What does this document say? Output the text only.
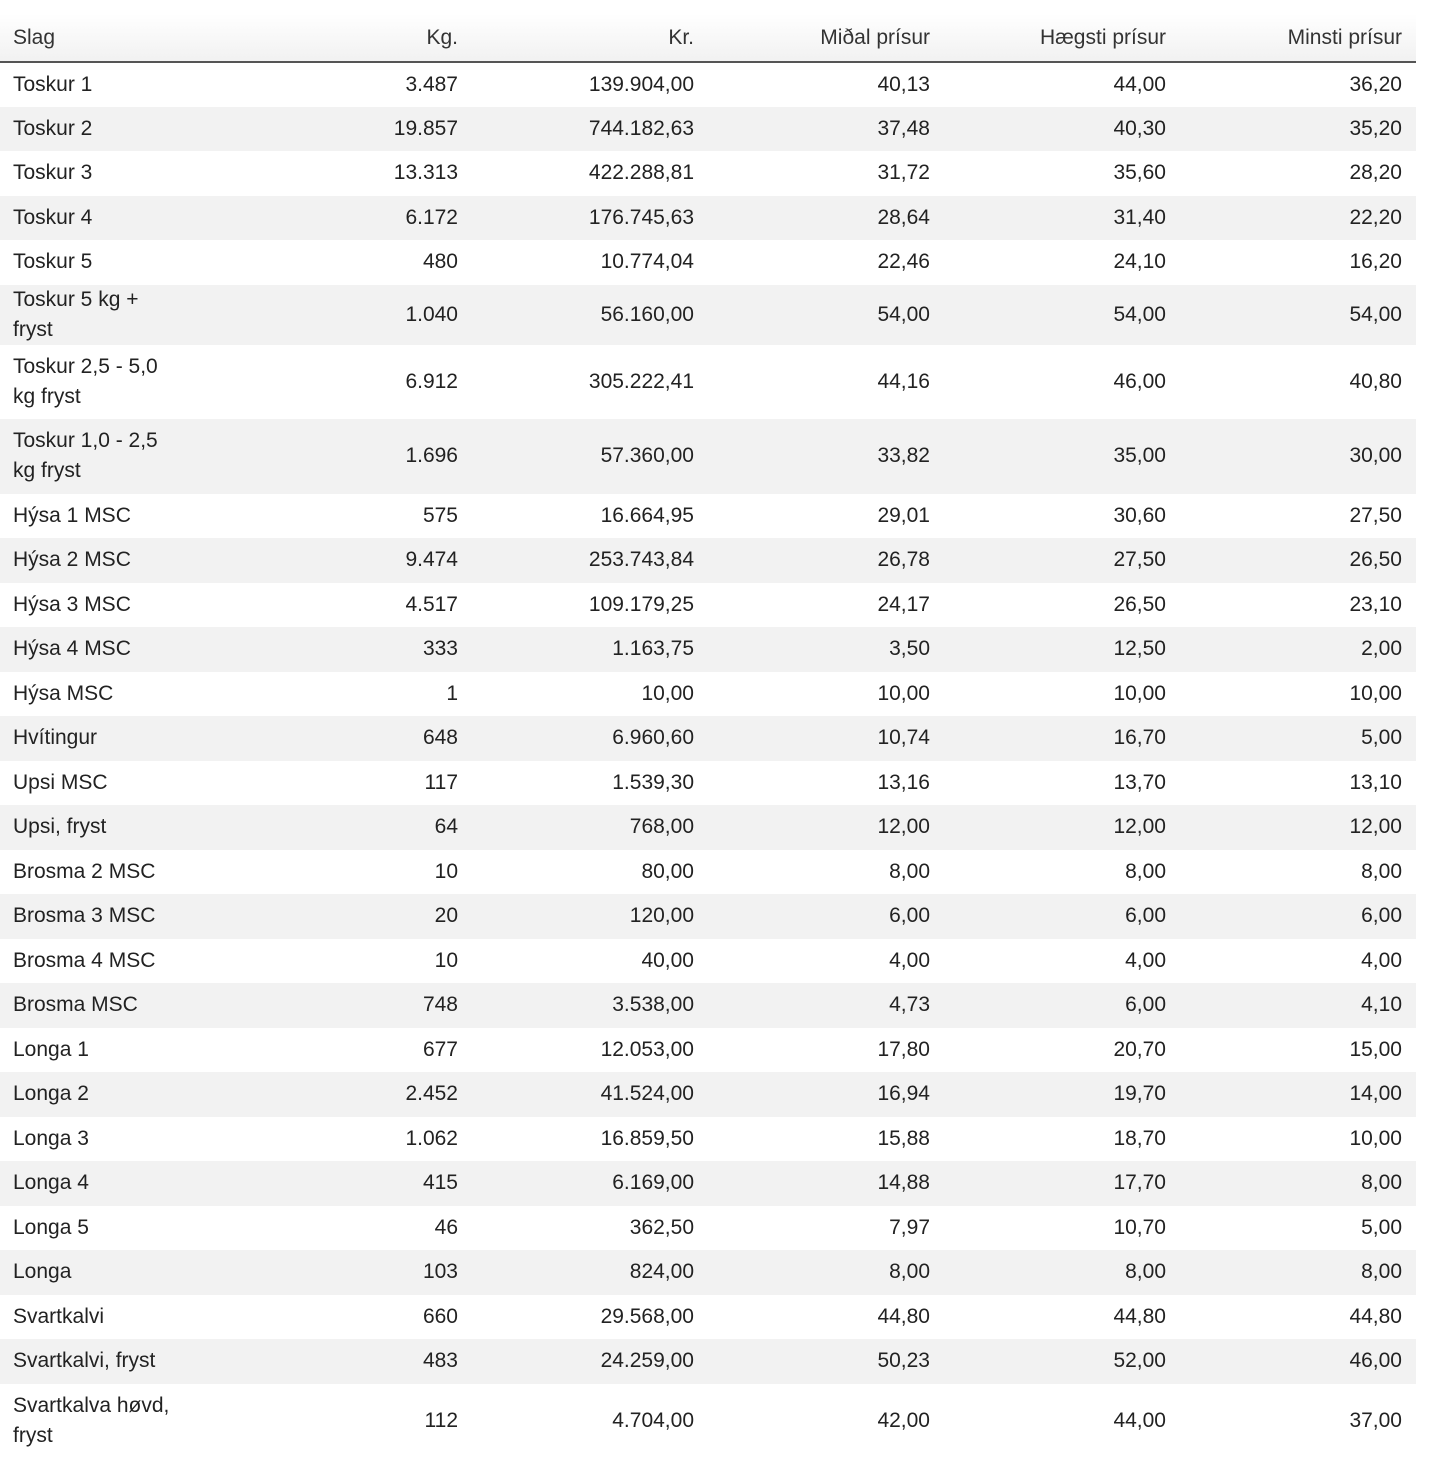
Slag	Kg.	Kr.	Miðal prísur	Hægsti prísur	Minsti prísur
Toskur 1	3.487	139.904,00	40,13	44,00	36,20
Toskur 2	19.857	744.182,63	37,48	40,30	35,20
Toskur 3	13.313	422.288,81	31,72	35,60	28,20
Toskur 4	6.172	176.745,63	28,64	31,40	22,20
Toskur 5	480	10.774,04	22,46	24,10	16,20
Toskur 5 kg + fryst	1.040	56.160,00	54,00	54,00	54,00
Toskur 2,5 - 5,0 kg fryst	6.912	305.222,41	44,16	46,00	40,80
Toskur 1,0 - 2,5 kg fryst	1.696	57.360,00	33,82	35,00	30,00
Hýsa 1 MSC	575	16.664,95	29,01	30,60	27,50
Hýsa 2 MSC	9.474	253.743,84	26,78	27,50	26,50
Hýsa 3 MSC	4.517	109.179,25	24,17	26,50	23,10
Hýsa 4 MSC	333	1.163,75	3,50	12,50	2,00
Hýsa MSC	1	10,00	10,00	10,00	10,00
Hvítingur	648	6.960,60	10,74	16,70	5,00
Upsi MSC	117	1.539,30	13,16	13,70	13,10
Upsi, fryst	64	768,00	12,00	12,00	12,00
Brosma 2 MSC	10	80,00	8,00	8,00	8,00
Brosma 3 MSC	20	120,00	6,00	6,00	6,00
Brosma 4 MSC	10	40,00	4,00	4,00	4,00
Brosma MSC	748	3.538,00	4,73	6,00	4,10
Longa 1	677	12.053,00	17,80	20,70	15,00
Longa 2	2.452	41.524,00	16,94	19,70	14,00
Longa 3	1.062	16.859,50	15,88	18,70	10,00
Longa 4	415	6.169,00	14,88	17,70	8,00
Longa 5	46	362,50	7,97	10,70	5,00
Longa	103	824,00	8,00	8,00	8,00
Svartkalvi	660	29.568,00	44,80	44,80	44,80
Svartkalvi, fryst	483	24.259,00	50,23	52,00	46,00
Svartkalva høvd, fryst	112	4.704,00	42,00	44,00	37,00
